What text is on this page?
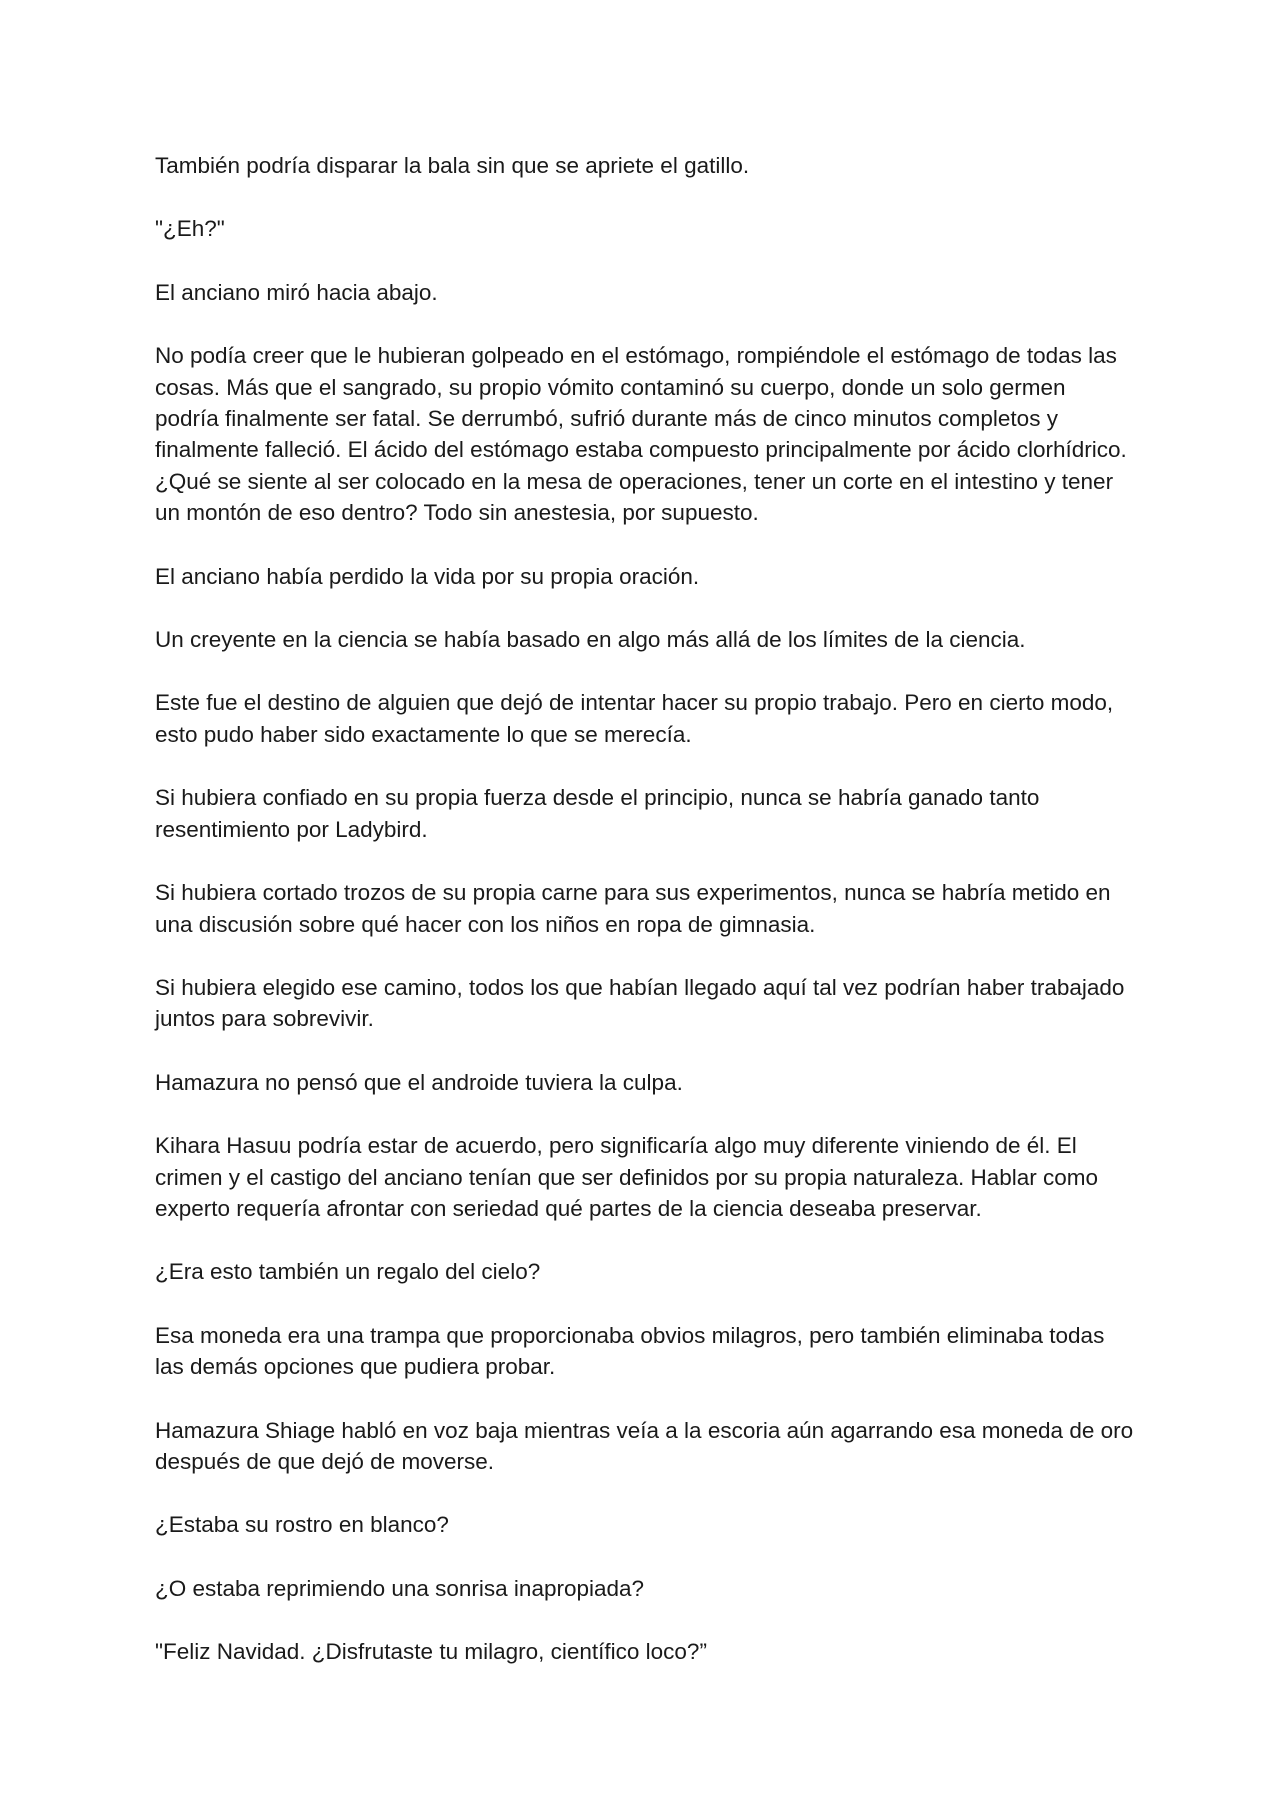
También podría disparar la bala sin que se apriete el gatillo.

"¿Eh?"

El anciano miró hacia abajo.

No podía creer que le hubieran golpeado en el estómago, rompiéndole el estómago de todas las cosas. Más que el sangrado, su propio vómito contaminó su cuerpo, donde un solo germen podría finalmente ser fatal. Se derrumbó, sufrió durante más de cinco minutos completos y finalmente falleció. El ácido del estómago estaba compuesto principalmente por ácido clorhídrico. ¿Qué se siente al ser colocado en la mesa de operaciones, tener un corte en el intestino y tener un montón de eso dentro? Todo sin anestesia, por supuesto.

El anciano había perdido la vida por su propia oración.

Un creyente en la ciencia se había basado en algo más allá de los límites de la ciencia.

Este fue el destino de alguien que dejó de intentar hacer su propio trabajo. Pero en cierto modo, esto pudo haber sido exactamente lo que se merecía.

Si hubiera confiado en su propia fuerza desde el principio, nunca se habría ganado tanto resentimiento por Ladybird.

Si hubiera cortado trozos de su propia carne para sus experimentos, nunca se habría metido en una discusión sobre qué hacer con los niños en ropa de gimnasia.

Si hubiera elegido ese camino, todos los que habían llegado aquí tal vez podrían haber trabajado juntos para sobrevivir.

Hamazura no pensó que el androide tuviera la culpa.

Kihara Hasuu podría estar de acuerdo, pero significaría algo muy diferente viniendo de él. El crimen y el castigo del anciano tenían que ser definidos por su propia naturaleza. Hablar como experto requería afrontar con seriedad qué partes de la ciencia deseaba preservar.

¿Era esto también un regalo del cielo?

Esa moneda era una trampa que proporcionaba obvios milagros, pero también eliminaba todas las demás opciones que pudiera probar.

Hamazura Shiage habló en voz baja mientras veía a la escoria aún agarrando esa moneda de oro después de que dejó de moverse.

¿Estaba su rostro en blanco?

¿O estaba reprimiendo una sonrisa inapropiada?

"Feliz Navidad. ¿Disfrutaste tu milagro, científico loco?”
